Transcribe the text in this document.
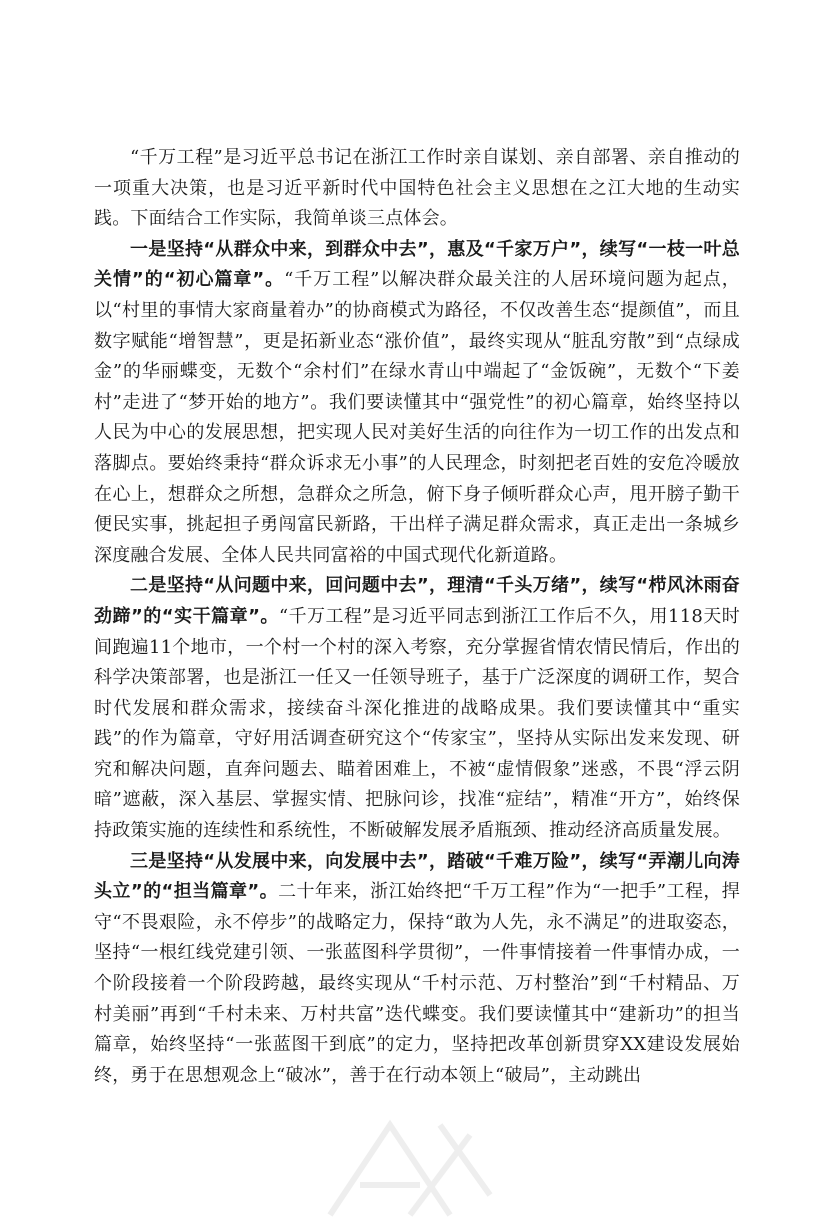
“千万工程”是习近平总书记在浙江工作时亲自谋划、亲自部署、亲自推动的一项重大决策，也是习近平新时代中国特色社会主义思想在之江大地的生动实践。下面结合工作实际，我简单谈三点体会。

一是坚持“从群众中来，到群众中去”，惠及“千家万户”，续写“一枝一叶总关情”的“初心篇章”。“千万工程”以解决群众最关注的人居环境问题为起点，以“村里的事情大家商量着办”的协商模式为路径，不仅改善生态“提颜值”，而且数字赋能“增智慧”，更是拓新业态“涨价值”，最终实现从“脏乱穷散”到“点绿成金”的华丽蝶变，无数个“余村们”在绿水青山中端起了“金饭碗”，无数个“下姜村”走进了“梦开始的地方”。我们要读懂其中“强党性”的初心篇章，始终坚持以人民为中心的发展思想，把实现人民对美好生活的向往作为一切工作的出发点和落脚点。要始终秉持“群众诉求无小事”的人民理念，时刻把老百姓的安危冷暖放在心上，想群众之所想，急群众之所急，俯下身子倾听群众心声，甩开膀子勤干便民实事，挑起担子勇闯富民新路，干出样子满足群众需求，真正走出一条城乡深度融合发展、全体人民共同富裕的中国式现代化新道路。

二是坚持“从问题中来，回问题中去”，理清“千头万绪”，续写“栉风沐雨奋劲蹄”的“实干篇章”。“千万工程”是习近平同志到浙江工作后不久，用118天时间跑遍11个地市，一个村一个村的深入考察，充分掌握省情农情民情后，作出的科学决策部署，也是浙江一任又一任领导班子，基于广泛深度的调研工作，契合时代发展和群众需求，接续奋斗深化推进的战略成果。我们要读懂其中“重实践”的作为篇章，守好用活调查研究这个“传家宝”，坚持从实际出发来发现、研究和解决问题，直奔问题去、瞄着困难上，不被“虚情假象”迷惑，不畏“浮云阴暗”遮蔽，深入基层、掌握实情、把脉问诊，找准“症结”，精准“开方”，始终保持政策实施的连续性和系统性，不断破解发展矛盾瓶颈、推动经济高质量发展。

三是坚持“从发展中来，向发展中去”，踏破“千难万险”，续写“弄潮儿向涛头立”的“担当篇章”。二十年来，浙江始终把“千万工程”作为“一把手”工程，捍守“不畏艰险，永不停步”的战略定力，保持“敢为人先，永不满足”的进取姿态，坚持“一根红线党建引领、一张蓝图科学贯彻”，一件事情接着一件事情办成，一个阶段接着一个阶段跨越，最终实现从“千村示范、万村整治”到“千村精品、万村美丽”再到“千村未来、万村共富”迭代蝶变。我们要读懂其中“建新功”的担当篇章，始终坚持“一张蓝图干到底”的定力，坚持把改革创新贯穿XX建设发展始终，勇于在思想观念上“破冰”，善于在行动本领上“破局”，主动跳出
